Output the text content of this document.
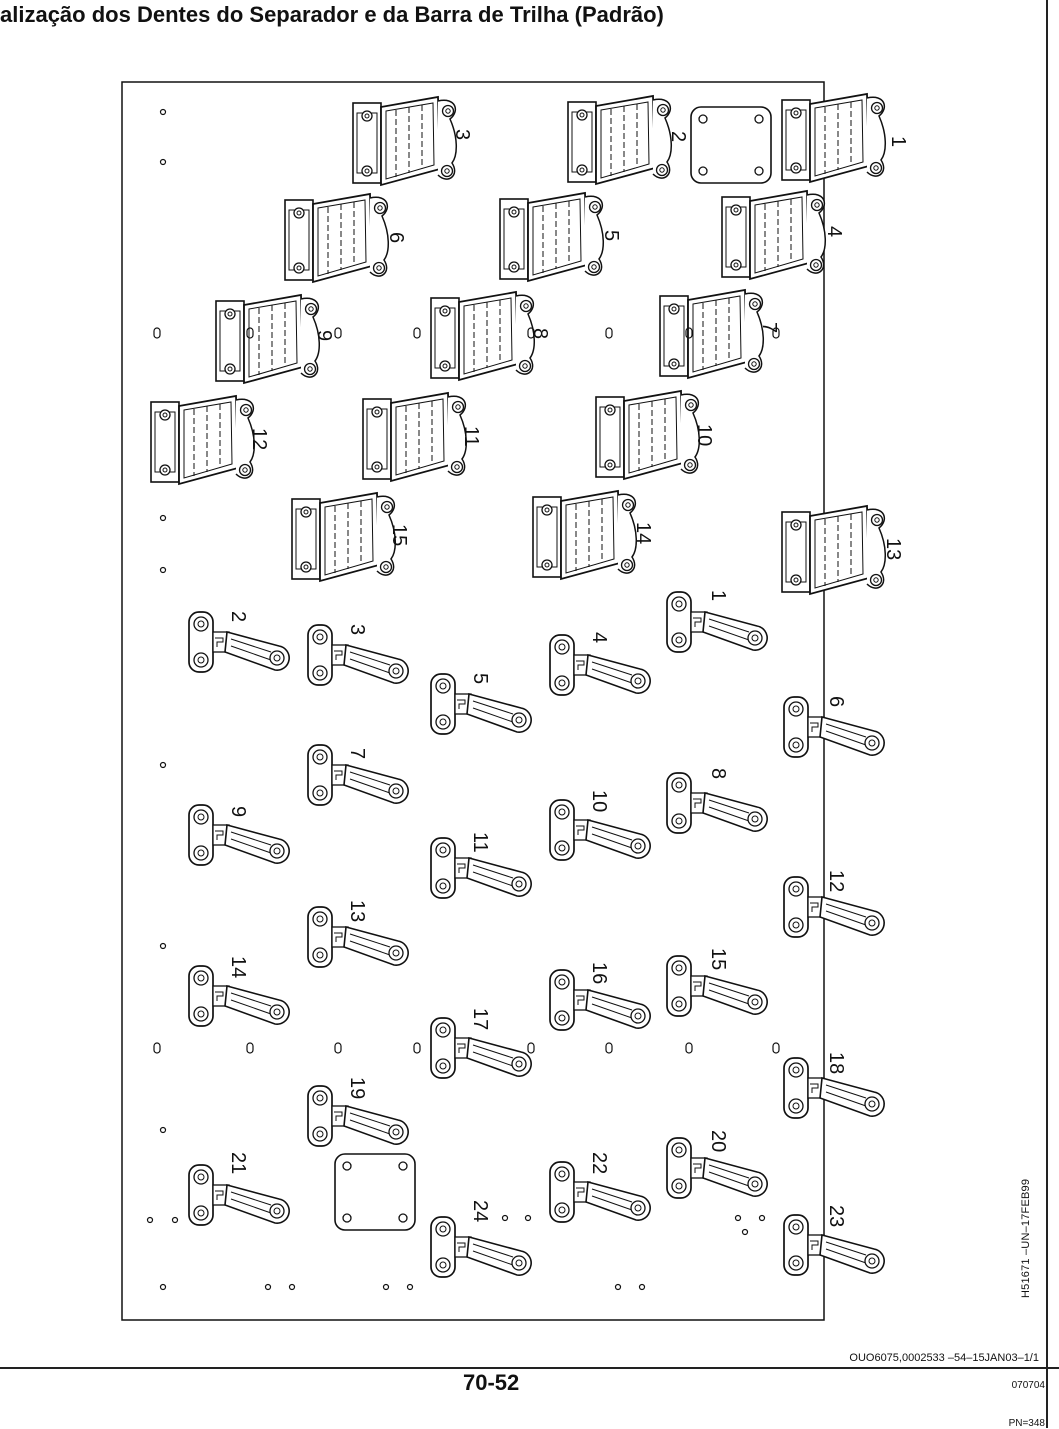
alização dos Dentes do Separador e da Barra de Trilha (Padrão)
1
2
3
4
5
6
7
8
9
10
11
12
13
14
15
1
2
3
4
5
6
7
8
9	10
11
12
13
14	15
16
17
18
19
20
21	22
23
24	H51671 –UN–17FEB99
OUO6075,0002533 –54–15JAN03–1/1
70-52	070704
PN=348
